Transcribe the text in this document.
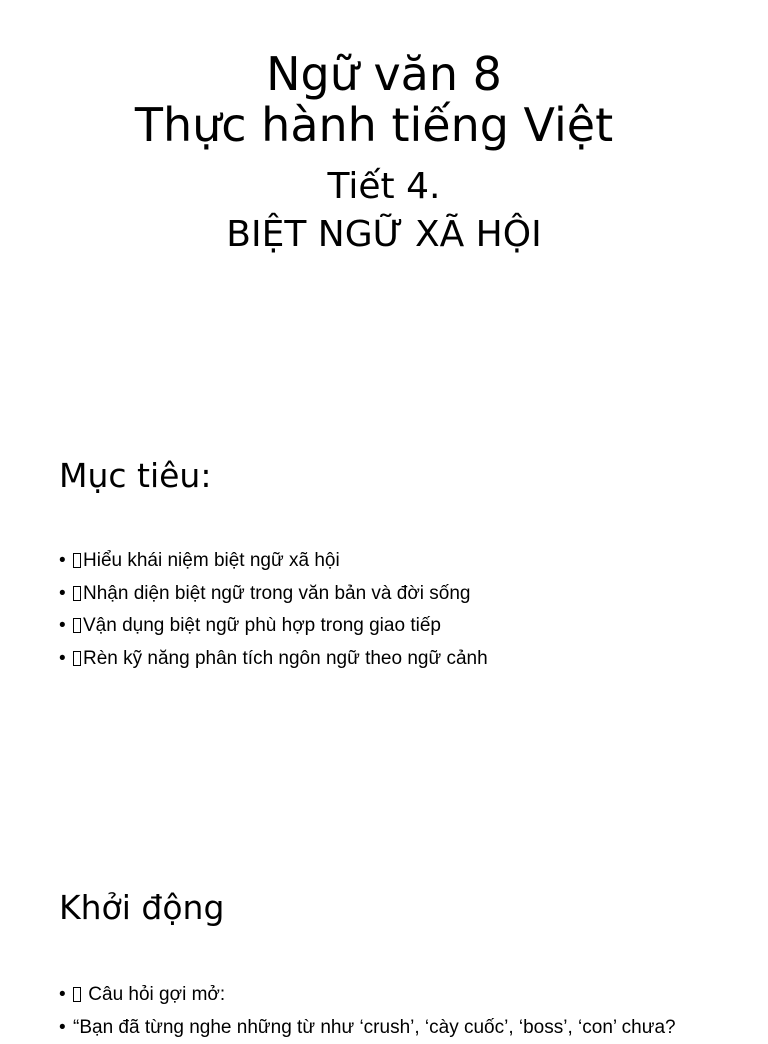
Ngữ văn 8
Thực hành tiếng Việt
Tiết 4.
BIỆT NGỮ XÃ HỘI
Mục tiêu:
• Hiểu khái niệm biệt ngữ xã hội
• Nhận diện biệt ngữ trong văn bản và đời sống
• Vận dụng biệt ngữ phù hợp trong giao tiếp
• Rèn kỹ năng phân tích ngôn ngữ theo ngữ cảnh
Khởi động
• Câu hỏi gợi mở:
• “Bạn đã từng nghe những từ như ‘crush’, ‘cày cuốc’, ‘boss’, ‘con’ chưa?
